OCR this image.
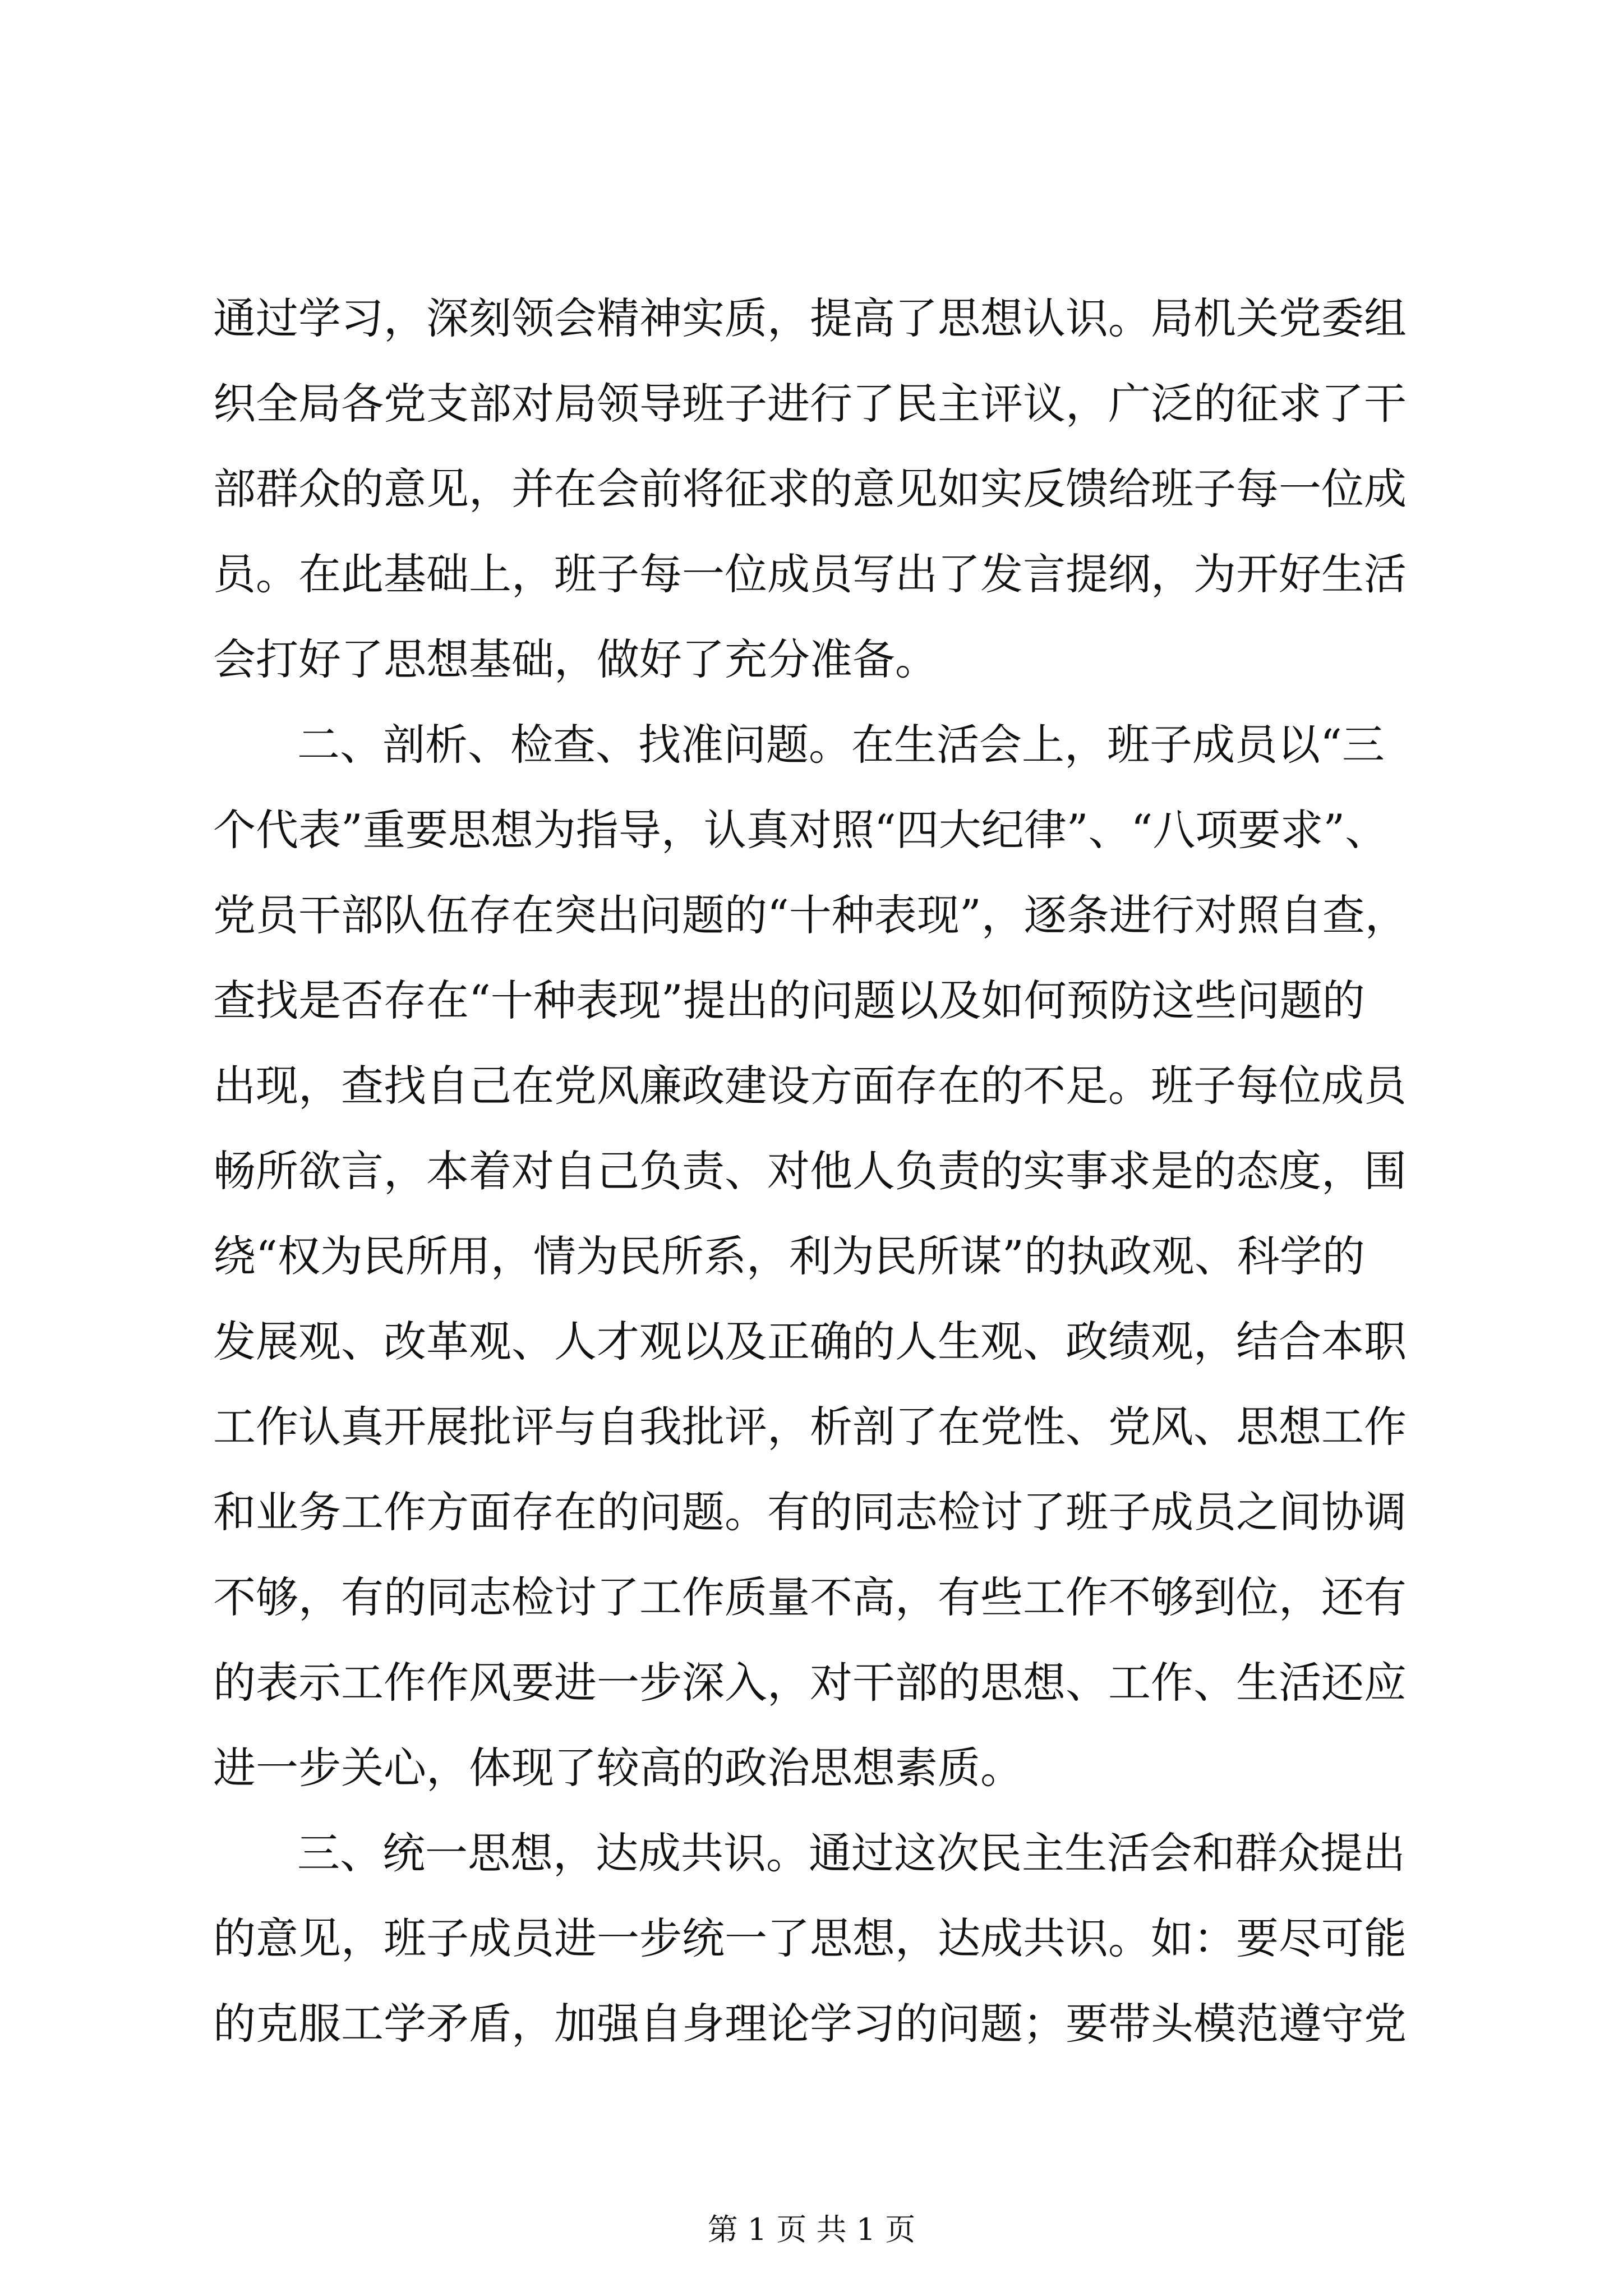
通过学习，深刻领会精神实质，提高了思想认识。局机关党委组

织全局各党支部对局领导班子进行了民主评议，广泛的征求了干

部群众的意见，并在会前将征求的意见如实反馈给班子每一位成

员。在此基础上，班子每一位成员写出了发言提纲，为开好生活

会打好了思想基础，做好了充分准备。

二、剖析、检查、找准问题。在生活会上，班子成员以“三

个代表”重要思想为指导，认真对照“四大纪律”、“八项要求”、

党员干部队伍存在突出问题的“十种表现”，逐条进行对照自查，

查找是否存在“十种表现”提出的问题以及如何预防这些问题的

出现，查找自己在党风廉政建设方面存在的不足。班子每位成员

畅所欲言，本着对自己负责、对他人负责的实事求是的态度，围

绕“权为民所用，情为民所系，利为民所谋”的执政观、科学的

发展观、改革观、人才观以及正确的人生观、政绩观，结合本职

工作认真开展批评与自我批评，析剖了在党性、党风、思想工作

和业务工作方面存在的问题。有的同志检讨了班子成员之间协调

不够，有的同志检讨了工作质量不高，有些工作不够到位，还有

的表示工作作风要进一步深入，对干部的思想、工作、生活还应

进一步关心，体现了较高的政治思想素质。

三、统一思想，达成共识。通过这次民主生活会和群众提出

的意见，班子成员进一步统一了思想，达成共识。如：要尽可能

的克服工学矛盾，加强自身理论学习的问题；要带头模范遵守党

第 1 页 共 1 页
